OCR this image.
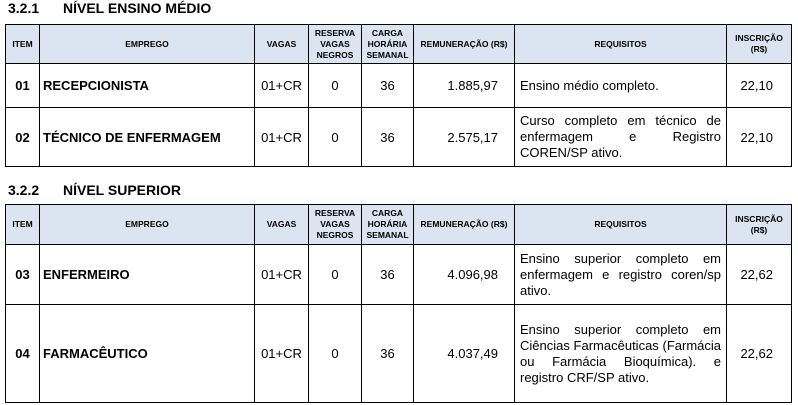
3.2.1 NÍVEL ENSINO MÉDIO
ITEM	EMPREGO	VAGAS	RESERVA VAGAS NEGROS	CARGA HORÁRIA SEMANAL	REMUNERAÇÃO (R$)	REQUISITOS	INSCRIÇÃO (R$)
01	RECEPCIONISTA	01+CR	0	36	1.885,97	Ensino médio completo.	22,10
02	TÉCNICO DE ENFERMAGEM	01+CR	0	36	2.575,17	Curso completo em técnico de enfermagem e Registro COREN/SP ativo.	22,10
3.2.2 NÍVEL SUPERIOR
ITEM	EMPREGO	VAGAS	RESERVA VAGAS NEGROS	CARGA HORÁRIA SEMANAL	REMUNERAÇÃO (R$)	REQUISITOS	INSCRIÇÃO (R$)
03	ENFERMEIRO	01+CR	0	36	4.096,98	Ensino superior completo em enfermagem e registro coren/sp ativo.	22,62
04	FARMACÊUTICO	01+CR	0	36	4.037,49	Ensino superior completo em Ciências Farmacêuticas (Farmácia ou Farmácia Bioquímica). e registro CRF/SP ativo.	22,62
